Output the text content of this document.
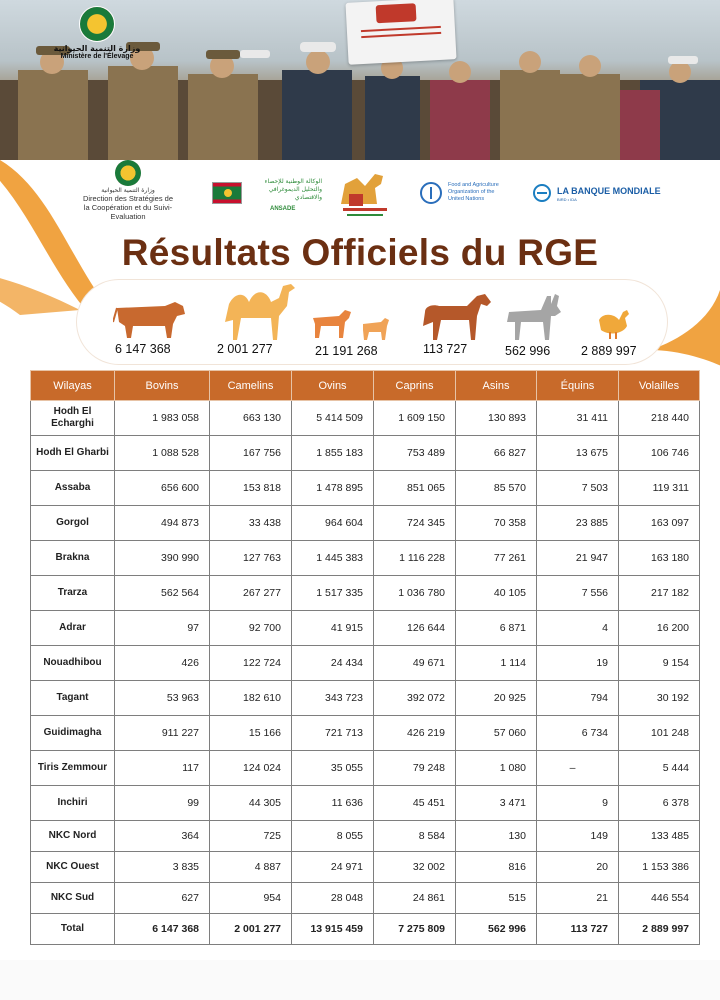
وزارة التنمية الحيوانية
Ministère de l'Élevage
وزارة التنمية الحيوانية
Direction des Stratégies de
la Coopération et du Suivi-
Evaluation
الوكالة الوطنية للإحصاء والتحليل الديموغرافي والاقتصادي
ANSADE
Food and Agriculture
Organization of the
United Nations
LA BANQUE MONDIALE
BIRD • IDA
Résultats Officiels du RGE
6 147 368	2 001 277	21 191 268	113 727	562 996 2 889 997
Wilayas	Bovins	Camelins	Ovins	Caprins	Asins	Équins	Volailles
Hodh El Echarghi	1 983 058	663 130	5 414 509	1 609 150	130 893	31 411	218 440
Hodh El Gharbi	1 088 528	167 756	1 855 183	753 489	66 827	13 675	106 746
Assaba	656 600	153 818	1 478 895	851 065	85 570	7 503	119 311
Gorgol	494 873	33 438	964 604	724 345	70 358	23 885	163 097
Brakna	390 990	127 763	1 445 383	1 116 228	77 261	21 947	163 180
Trarza	562 564	267 277	1 517 335	1 036 780	40 105	7 556	217 182
Adrar	97	92 700	41 915	126 644	6 871	4	16 200
Nouadhibou	426	122 724	24 434	49 671	1 114	19	9 154
Tagant	53 963	182 610	343 723	392 072	20 925	794	30 192
Guidimagha	911 227	15 166	721 713	426 219	57 060	6 734	101 248
Tiris Zemmour	117	124 024	35 055	79 248	1 080	–	5 444
Inchiri	99	44 305	11 636	45 451	3 471	9	6 378
NKC Nord	364	725	8 055	8 584	130	149	133 485
NKC Ouest	3 835	4 887	24 971	32 002	816	20	1 153 386
NKC Sud	627	954	28 048	24 861	515	21	446 554
Total	6 147 368	2 001 277	13 915 459	7 275 809	562 996	113 727	2 889 997
